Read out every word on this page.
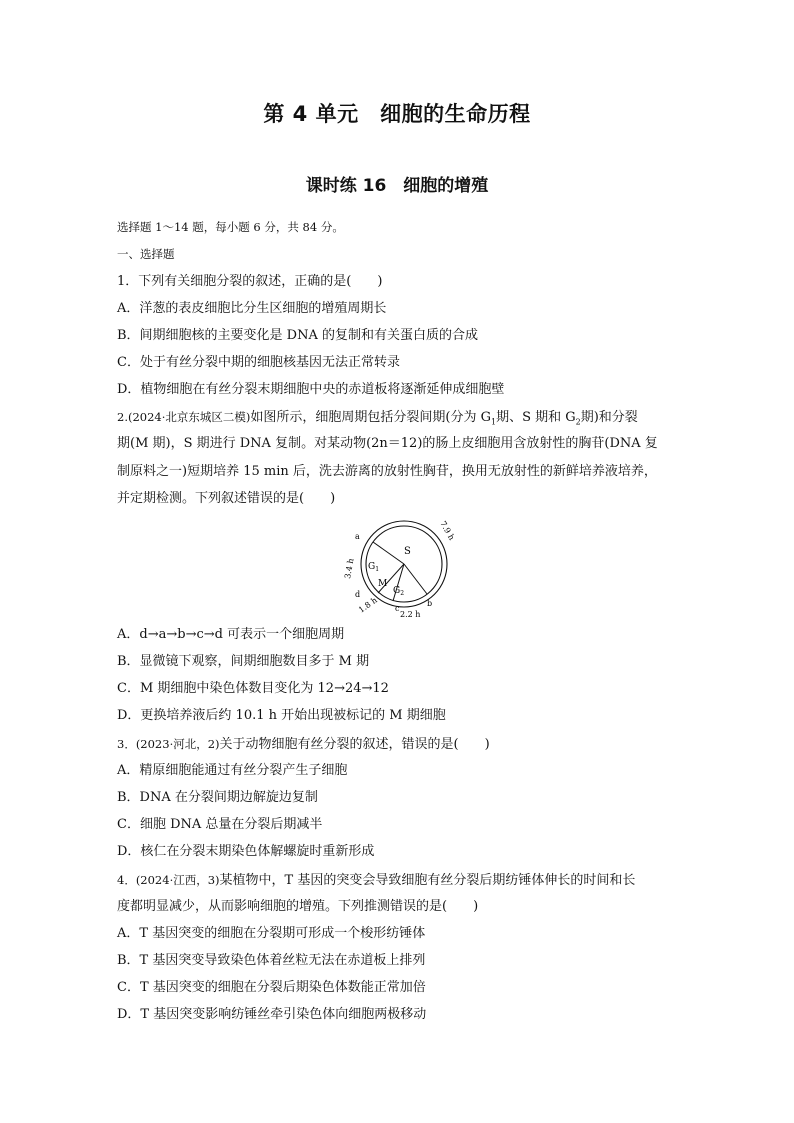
第 4 单元　细胞的生命历程
课时练 16　细胞的增殖
选择题 1～14 题，每小题 6 分，共 84 分。
一、选择题
1．下列有关细胞分裂的叙述，正确的是(　　)
A．洋葱的表皮细胞比分生区细胞的增殖周期长
B．间期细胞核的主要变化是 DNA 的复制和有关蛋白质的合成
C．处于有丝分裂中期的细胞核基因无法正常转录
D．植物细胞在有丝分裂末期细胞中央的赤道板将逐渐延伸成细胞壁
2.(2024·北京东城区二模)如图所示，细胞周期包括分裂间期(分为 $G_1$期、S 期和 $G_2$期)和分裂
期(M 期)，S 期进行 DNA 复制。对某动物(2n＝12)的肠上皮细胞用含放射性的胸苷(DNA 复
制原料之一)短期培养 15 min 后，洗去游离的放射性胸苷，换用无放射性的新鲜培养液培养，
并定期检测。下列叙述错误的是(　　)
S
$G_1$
M
$G_2$
a
b
c
d
7.9 h
3.4 h
1.8 h	2.2 h
A．d→a→b→c→d 可表示一个细胞周期
B．显微镜下观察，间期细胞数目多于 M 期
C．M 期细胞中染色体数目变化为 12→24→12
D．更换培养液后约 10.1 h 开始出现被标记的 M 期细胞
3．(2023·河北，2)关于动物细胞有丝分裂的叙述，错误的是(　　)
A．精原细胞能通过有丝分裂产生子细胞
B．DNA 在分裂间期边解旋边复制
C．细胞 DNA 总量在分裂后期减半
D．核仁在分裂末期染色体解螺旋时重新形成
4．(2024·江西，3)某植物中，T 基因的突变会导致细胞有丝分裂后期纺锤体伸长的时间和长
度都明显减少，从而影响细胞的增殖。下列推测错误的是(　　)
A．T 基因突变的细胞在分裂期可形成一个梭形纺锤体
B．T 基因突变导致染色体着丝粒无法在赤道板上排列
C．T 基因突变的细胞在分裂后期染色体数能正常加倍
D．T 基因突变影响纺锤丝牵引染色体向细胞两极移动
